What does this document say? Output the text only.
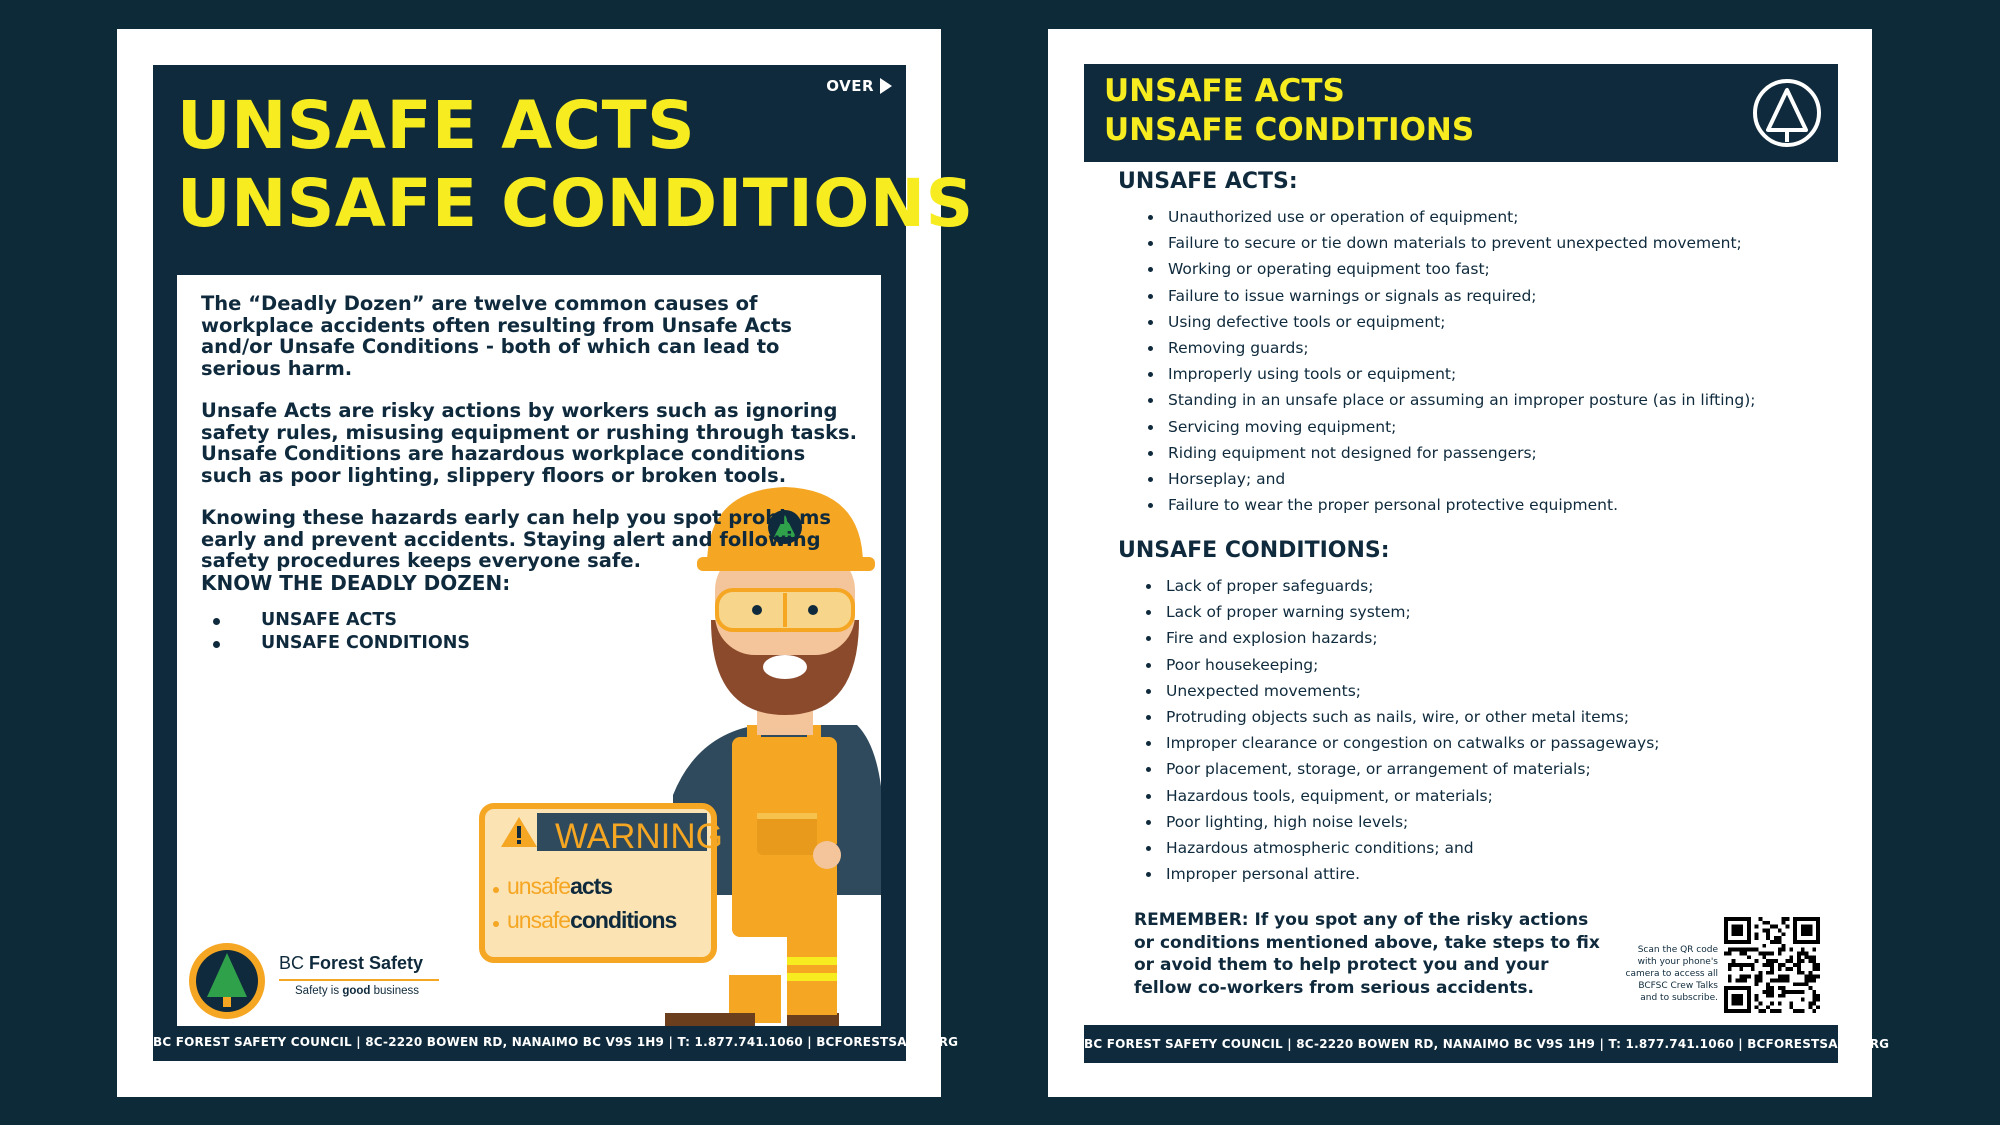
OVER
UNSAFE ACTS
UNSAFE CONDITIONS

The “Deadly Dozen” are twelve common causes of workplace accidents often resulting from Unsafe Acts and/or Unsafe Conditions - both of which can lead to serious harm.

Unsafe Acts are risky actions by workers such as ignoring safety rules, misusing equipment or rushing through tasks. Unsafe Conditions are hazardous workplace conditions such as poor lighting, slippery floors or broken tools.

Knowing these hazards early can help you spot problems early and prevent accidents. Staying alert and following safety procedures keeps everyone safe.

KNOW THE DEADLY DOZEN:
UNSAFE ACTS
UNSAFE CONDITIONS
WARNING
unsafeacts
unsafeconditions
BC Forest Safety
Safety is good business
BC FOREST SAFETY COUNCIL | 8C-2220 BOWEN RD, NANAIMO BC V9S 1H9 | T: 1.877.741.1060 | BCFORESTSAFE.ORG
UNSAFE ACTS
UNSAFE CONDITIONS
UNSAFE ACTS:
Unauthorized use or operation of equipment;
Failure to secure or tie down materials to prevent unexpected movement;
Working or operating equipment too fast;
Failure to issue warnings or signals as required;
Using defective tools or equipment;
Removing guards;
Improperly using tools or equipment;
Standing in an unsafe place or assuming an improper posture (as in lifting);
Servicing moving equipment;
Riding equipment not designed for passengers;
Horseplay; and
Failure to wear the proper personal protective equipment.
UNSAFE CONDITIONS:
Lack of proper safeguards;
Lack of proper warning system;
Fire and explosion hazards;
Poor housekeeping;
Unexpected movements;
Protruding objects such as nails, wire, or other metal items;
Improper clearance or congestion on catwalks or passageways;
Poor placement, storage, or arrangement of materials;
Hazardous tools, equipment, or materials;
Poor lighting, high noise levels;
Hazardous atmospheric conditions; and
Improper personal attire.
REMEMBER: If you spot any of the risky actions or conditions mentioned above, take steps to fix or avoid them to help protect you and your fellow co-workers from serious accidents.
Scan the QR code with your phone's camera to access all BCFSC Crew Talks and to subscribe.
BC FOREST SAFETY COUNCIL | 8C-2220 BOWEN RD, NANAIMO BC V9S 1H9 | T: 1.877.741.1060 | BCFORESTSAFE.ORG
